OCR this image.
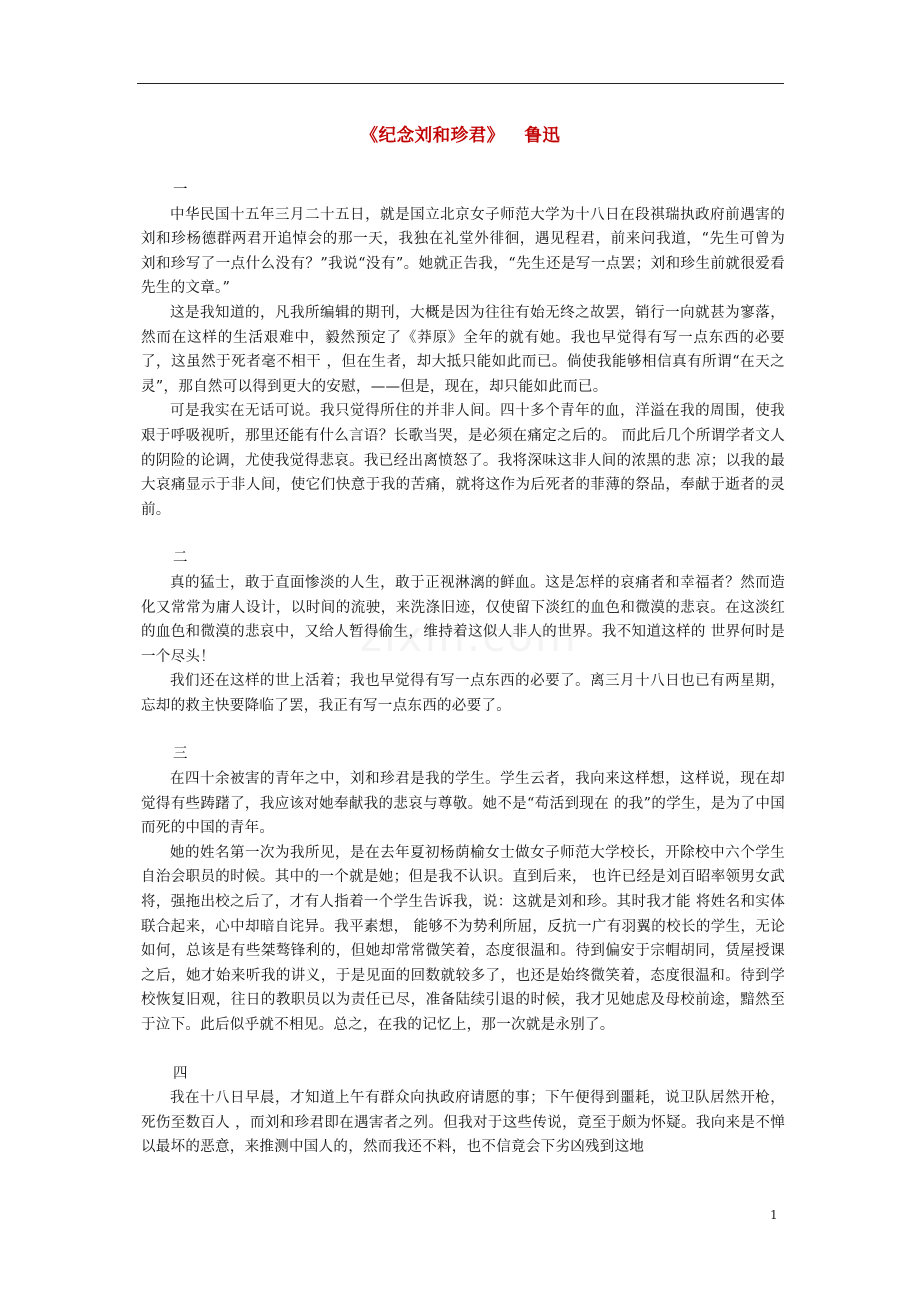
《纪念刘和珍君》   鲁迅
一

中华民国十五年三月二十五日，就是国立北京女子师范大学为十八日在段祺瑞执政府前遇害的刘和珍杨德群两君开追悼会的那一天，我独在礼堂外徘徊，遇见程君，前来问我道，“先生可曾为刘和珍写了一点什么没有？”我说“没有”。她就正告我，“先生还是写一点罢；刘和珍生前就很爱看先生的文章。”

这是我知道的，凡我所编辑的期刊，大概是因为往往有始无终之故罢，销行一向就甚为寥落，然而在这样的生活艰难中，毅然预定了《莽原》全年的就有她。我也早觉得有写一点东西的必要了，这虽然于死者毫不相干 ，但在生者，却大抵只能如此而已。倘使我能够相信真有所谓“在天之灵”，那自然可以得到更大的安慰，——但是，现在，却只能如此而已。

可是我实在无话可说。我只觉得所住的并非人间。四十多个青年的血，洋溢在我的周围，使我艰于呼吸视听，那里还能有什么言语？长歌当哭，是必须在痛定之后的。 而此后几个所谓学者文人的阴险的论调，尤使我觉得悲哀。我已经出离愤怒了。我将深味这非人间的浓黑的悲 凉；以我的最大哀痛显示于非人间，使它们快意于我的苦痛，就将这作为后死者的菲薄的祭品，奉献于逝者的灵前。

二

真的猛士，敢于直面惨淡的人生，敢于正视淋漓的鲜血。这是怎样的哀痛者和幸福者？然而造化又常常为庸人设计，以时间的流驶，来洗涤旧迹，仅使留下淡红的血色和微漠的悲哀。在这淡红的血色和微漠的悲哀中，又给人暂得偷生，维持着这似人非人的世界。我不知道这样的 世界何时是一个尽头！

我们还在这样的世上活着；我也早觉得有写一点东西的必要了。离三月十八日也已有两星期，忘却的救主快要降临了罢，我正有写一点东西的必要了。

三

在四十余被害的青年之中，刘和珍君是我的学生。学生云者，我向来这样想，这样说，现在却觉得有些踌躇了，我应该对她奉献我的悲哀与尊敬。她不是“苟活到现在 的我”的学生，是为了中国而死的中国的青年。

她的姓名第一次为我所见，是在去年夏初杨荫榆女士做女子师范大学校长，开除校中六个学生自治会职员的时候。其中的一个就是她；但是我不认识。直到后来， 也许已经是刘百昭率领男女武将，强拖出校之后了，才有人指着一个学生告诉我，说：这就是刘和珍。其时我才能 将姓名和实体联合起来，心中却暗自诧异。我平素想， 能够不为势利所屈，反抗一广有羽翼的校长的学生，无论 如何，总该是有些桀骜锋利的，但她却常常微笑着，态度很温和。待到偏安于宗帽胡同，赁屋授课之后，她才始来听我的讲义，于是见面的回数就较多了，也还是始终微笑着，态度很温和。待到学校恢复旧观，往日的教职员以为责任已尽，准备陆续引退的时候，我才见她虑及母校前途，黯然至于泣下。此后似乎就不相见。总之，在我的记忆上，那一次就是永别了。

四

我在十八日早晨，才知道上午有群众向执政府请愿的事；下午便得到噩耗，说卫队居然开枪，死伤至数百人 ，而刘和珍君即在遇害者之列。但我对于这些传说，竟至于颇为怀疑。我向来是不惮以最坏的恶意，来推测中国人的，然而我还不料，也不信竟会下劣凶残到这地

1
